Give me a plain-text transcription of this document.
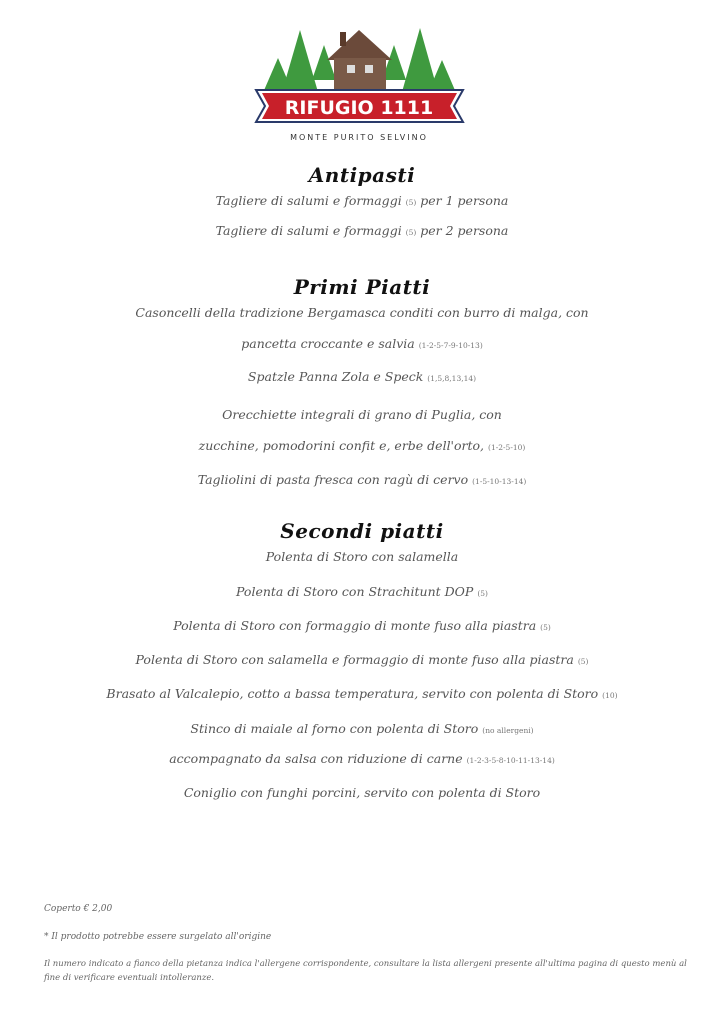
RIFUGIO 1111
MONTE PURITO SELVINO
Antipasti
Tagliere di salumi e formaggi (5) per 1 persona
Tagliere di salumi e formaggi (5) per 2 persona
Primi Piatti
Casoncelli della tradizione Bergamasca conditi con burro di malga, con
pancetta croccante e salvia (1-2-5-7-9-10-13)
Spatzle Panna Zola e Speck (1,5,8,13,14)
Orecchiette integrali di grano di Puglia, con
zucchine, pomodorini confit e, erbe dell'orto, (1-2-5-10)
Tagliolini di pasta fresca con ragù di cervo (1-5-10-13-14)
Secondi piatti
Polenta di Storo con salamella
Polenta di Storo con Strachitunt DOP (5)
Polenta di Storo con formaggio di monte fuso alla piastra (5)
Polenta di Storo con salamella e formaggio di monte fuso alla piastra (5)
Brasato al Valcalepio, cotto a bassa temperatura, servito con polenta di Storo (10)
Stinco di maiale al forno con polenta di Storo (no allergeni)
accompagnato da salsa con riduzione di carne (1-2-3-5-8-10-11-13-14)
Coniglio con funghi porcini, servito con polenta di Storo
Coperto € 2,00
* Il prodotto potrebbe essere surgelato all'origine
Il numero indicato a fianco della pietanza indica l'allergene corrispondente, consultare la lista allergeni presente all'ultima pagina di questo menù al fine di verificare eventuali intolleranze.
